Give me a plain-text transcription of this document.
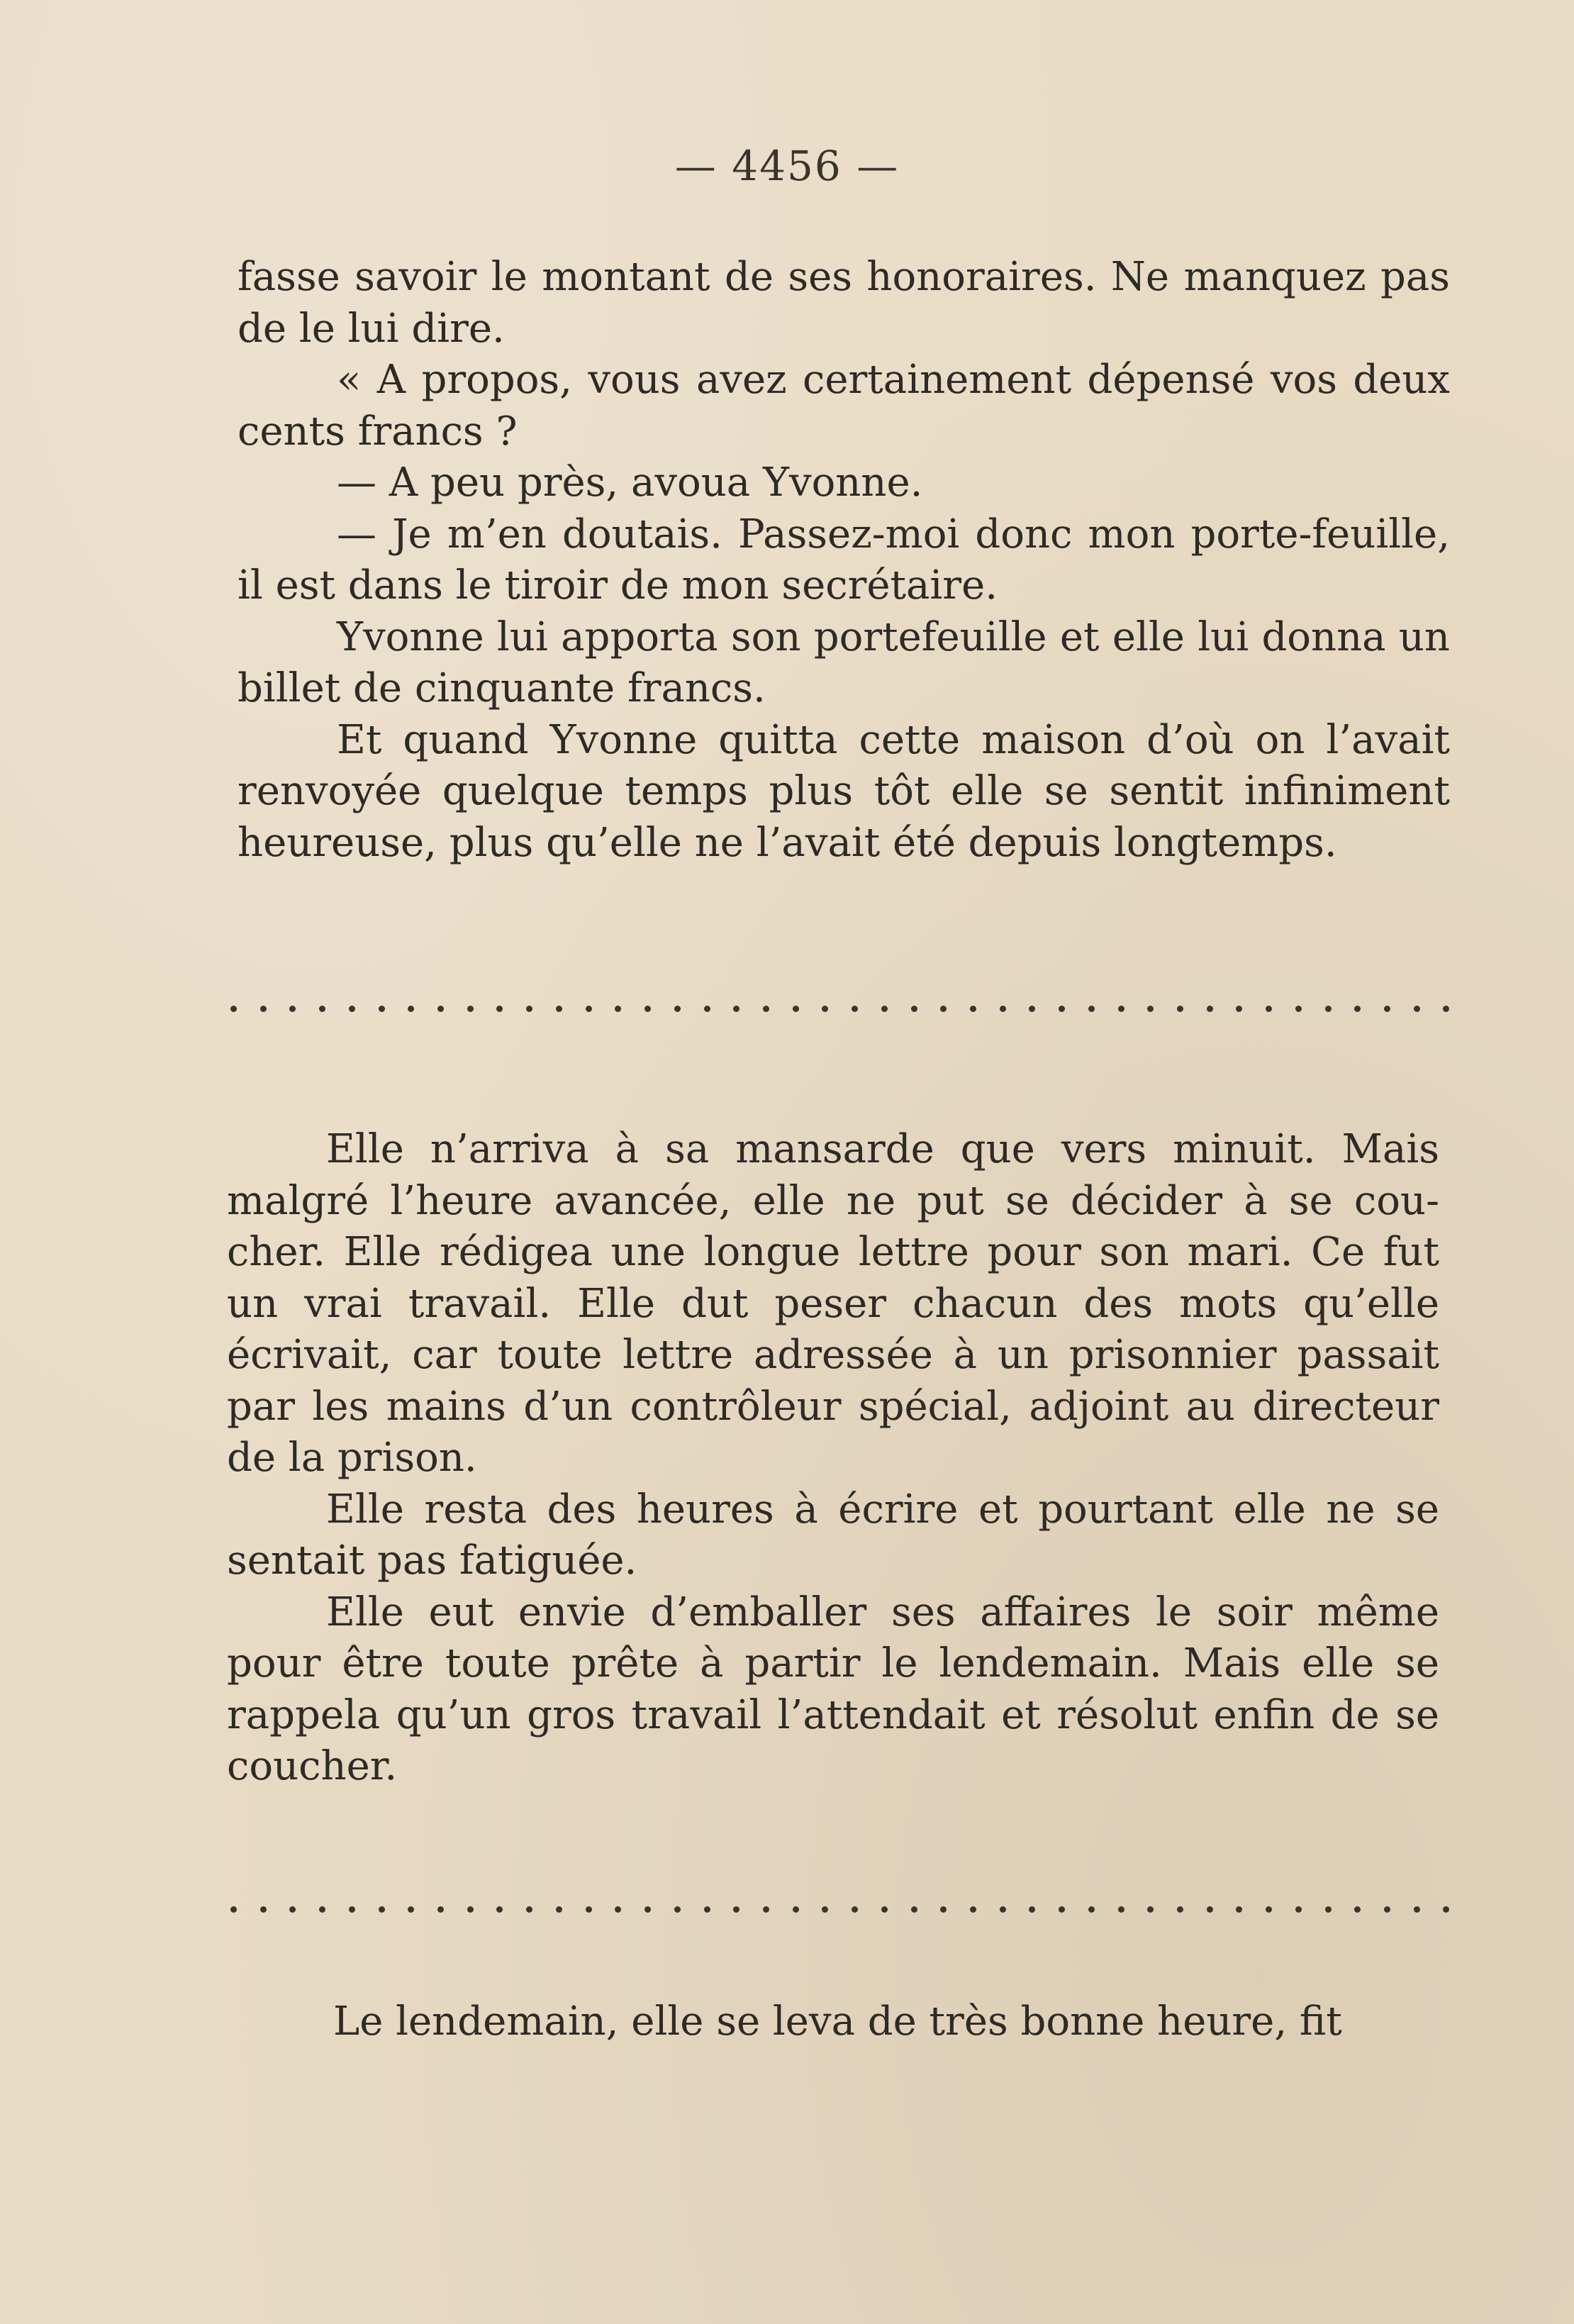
— 4456 —

fasse savoir le montant de ses honoraires. Ne manquez pas de le lui dire.

« A propos, vous avez certainement dépensé vos deux cents francs ?

— A peu près, avoua Yvonne.

— Je m’en doutais. Passez-moi donc mon porte-feuille, il est dans le tiroir de mon secrétaire.

Yvonne lui apporta son portefeuille et elle lui donna un billet de cinquante francs.

Et quand Yvonne quitta cette maison d’où on l’avait renvoyée quelque temps plus tôt elle se sentit infiniment heureuse, plus qu’elle ne l’avait été depuis longtemps.

Elle n’arriva à sa mansarde que vers minuit. Mais malgré l’heure avancée, elle ne put se décider à se cou-cher. Elle rédigea une longue lettre pour son mari. Ce fut un vrai travail. Elle dut peser chacun des mots qu’elle écrivait, car toute lettre adressée à un prisonnier passait par les mains d’un contrôleur spécial, adjoint au directeur de la prison.

Elle resta des heures à écrire et pourtant elle ne se sentait pas fatiguée.

Elle eut envie d’emballer ses affaires le soir même pour être toute prête à partir le lendemain. Mais elle se rappela qu’un gros travail l’attendait et résolut enfin de se coucher.

Le lendemain, elle se leva de très bonne heure, fit
